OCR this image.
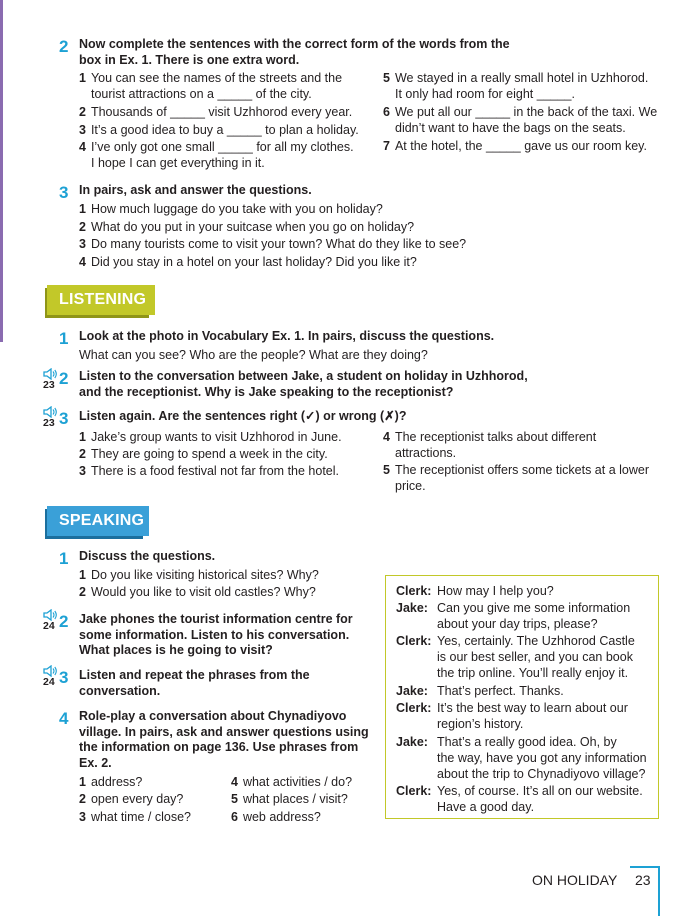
2 Now complete the sentences with the correct form of the words from the
box in Ex. 1. There is one extra word.
1 You can see the names of the streets and the
tourist attractions on a _____ of the city.
2 Thousands of _____ visit Uzhhorod every year.
3 It’s a good idea to buy a _____ to plan a holiday.
4 I’ve only got one small _____ for all my clothes.
I hope I can get everything in it.
5 We stayed in a really small hotel in Uzhhorod.
It only had room for eight _____.
6 We put all our _____ in the back of the taxi. We
didn’t want to have the bags on the seats.
7 At the hotel, the _____ gave us our room key.
3 In pairs, ask and answer the questions.
1 How much luggage do you take with you on holiday?
2 What do you put in your suitcase when you go on holiday?
3 Do many tourists come to visit your town? What do they like to see?
4 Did you stay in a hotel on your last holiday? Did you like it?
LISTENING
1 Look at the photo in Vocabulary Ex. 1. In pairs, discuss the questions.
What can you see? Who are the people? What are they doing?
23 2 Listen to the conversation between Jake, a student on holiday in Uzhhorod,
and the receptionist. Why is Jake speaking to the receptionist?
23 3 Listen again. Are the sentences right (✓) or wrong (✗)?
1 Jake’s group wants to visit Uzhhorod in June.
2 They are going to spend a week in the city.
3 There is a food festival not far from the hotel.
4 The receptionist talks about different
attractions.
5 The receptionist offers some tickets at a lower
price.
SPEAKING
1 Discuss the questions.
1 Do you like visiting historical sites? Why?
2 Would you like to visit old castles? Why?
24 2 Jake phones the tourist information centre for
some information. Listen to his conversation.
What places is he going to visit?
24 3 Listen and repeat the phrases from the
conversation.
4 Role-play a conversation about Chynadiyovo
village. In pairs, ask and answer questions using
the information on page 136. Use phrases from
Ex. 2.
1 address?
2 open every day?
3 what time / close?
4 what activities / do?
5 what places / visit?
6 web address?
Clerk: How may I help you?
Jake: Can you give me some information
about your day trips, please?
Clerk: Yes, certainly. The Uzhhorod Castle
is our best seller, and you can book
the trip online. You’ll really enjoy it.
Jake: That’s perfect. Thanks.
Clerk: It’s the best way to learn about our
region’s history.
Jake: That’s a really good idea. Oh, by
the way, have you got any information
about the trip to Chynadiyovo village?
Clerk: Yes, of course. It’s all on our website.
Have a good day.
ON HOLIDAY 23
